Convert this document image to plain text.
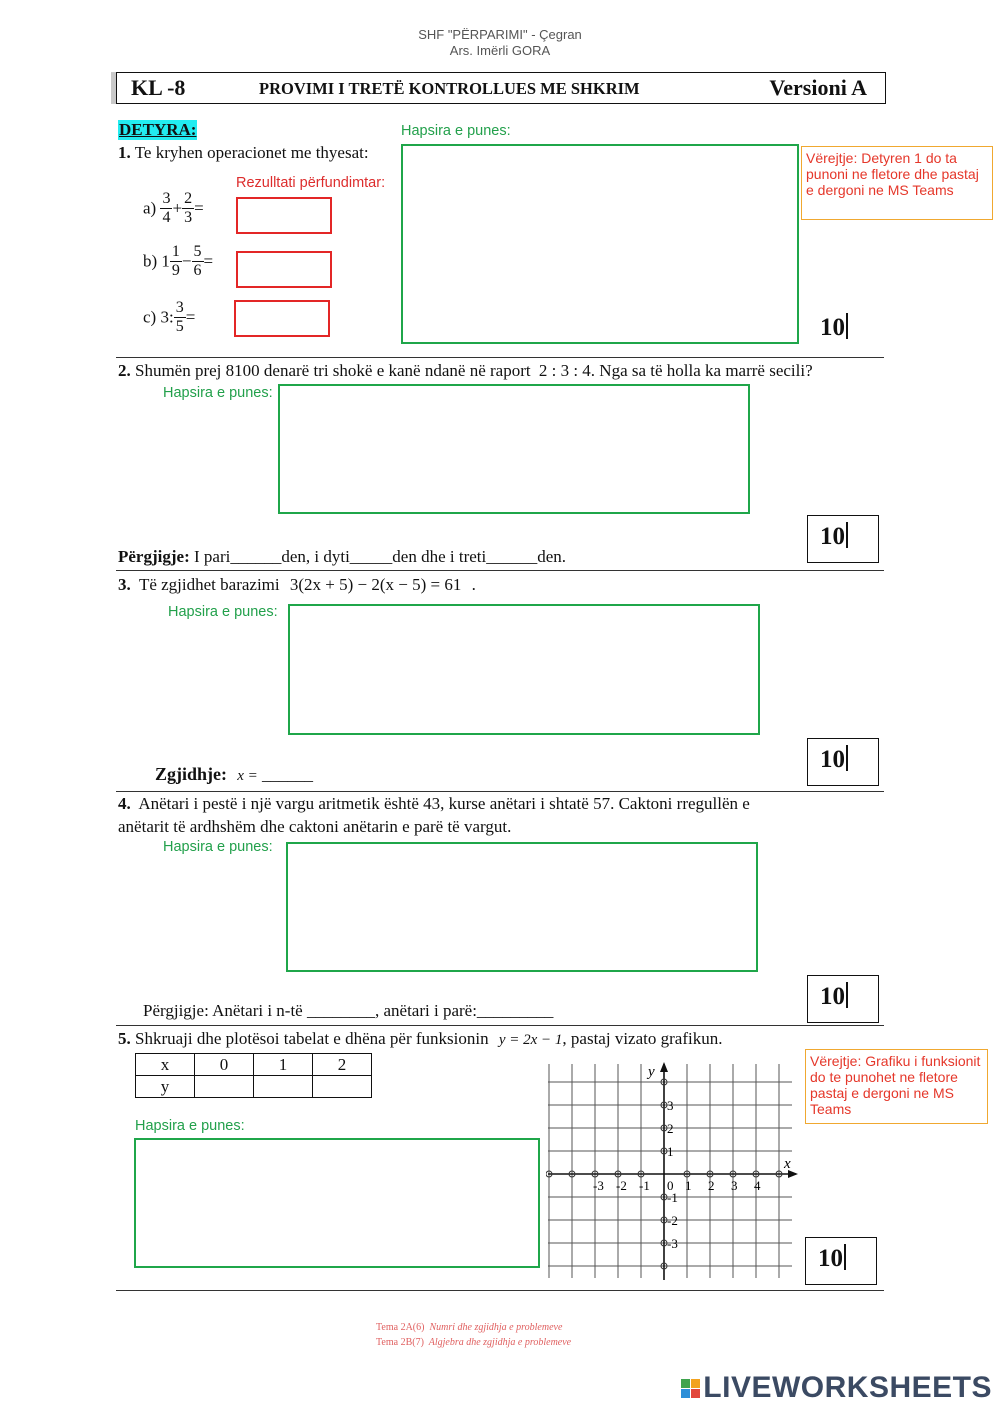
SHF "PËRPARIMI" - Çegran
Ars. Imërli GORA
KL -8	PROVIMI I TRETË KONTROLLUES ME SHKRIM	Versioni A
DETYRA:
1. Te kryhen operacionet me thyesat:
Hapsira e punes:
Rezulltati përfundimtar:
Vërejtje: Detyren 1 do ta punoni ne fletore dhe pastaj e dergoni ne MS Teams
$a) \frac{3}{4} + \frac{2}{3}$ =
b) $1 \frac{1}{9} - \frac{5}{6}$ =
c) 3: $\frac{3}{5}$ =	10
2. Shumën prej 8100 denarë tri shokë e kanë ndanë në raport 2 : 3 : 4. Nga sa të holla ka marrë secili?
Hapsira e punes:
10
Përgjigje: I pari______den, i dyti_____den dhe i treti______den.
3. Të zgjidhet barazimi 3(2x + 5) − 2(x − 5) = 61 .
Hapsira e punes:
10
Zgjidhje: x = ______
4. Anëtari i pestë i një vargu aritmetik është 43, kurse anëtari i shtatë 57. Caktoni rregullën e
anëtarit të ardhshëm dhe caktoni anëtarin e parë të vargut.
Hapsira e punes:
10
Përgjigje: Anëtari i n-të ________, anëtari i parë:_________
5. Shkruaji dhe plotësoi tabelat e dhëna për funksionin y = 2x − 1, pastaj vizato grafikun.
x	0	1	2
y			
Hapsira e punes:
x
y
-3 -2 -1 0 1 2 3 4
3
2
1
-1
-2
-3
Vërejtje: Grafiku i funksionit do te punohet ne fletore pastaj e dergoni ne MS Teams
10
Tema 2A(6) Numri dhe zgjidhja e problemeve
Tema 2B(7) Algjebra dhe zgjidhja e problemeve

LIVEWORKSHEETS
